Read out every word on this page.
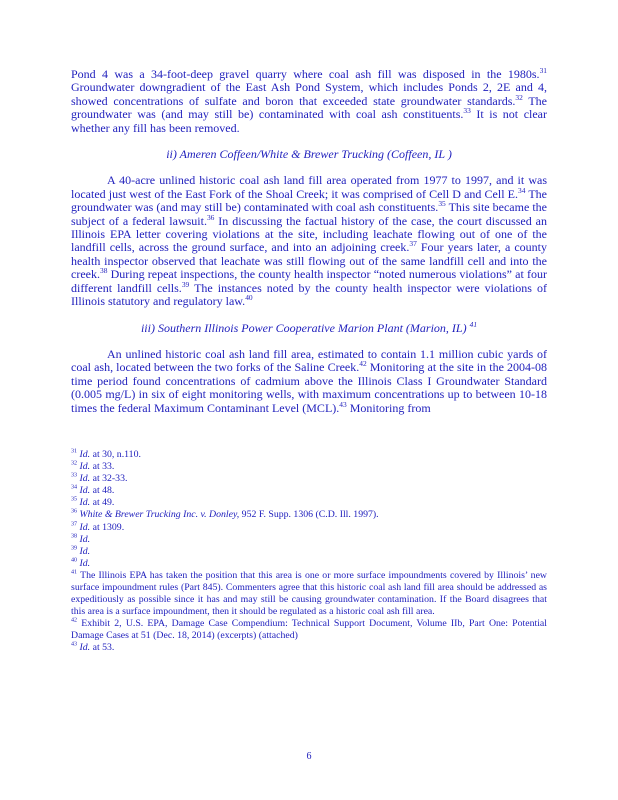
Pond 4 was a 34-foot-deep gravel quarry where coal ash fill was disposed in the 1980s.$^{31}$ Groundwater downgradient of the East Ash Pond System, which includes Ponds 2, 2E and 4, showed concentrations of sulfate and boron that exceeded state groundwater standards.$^{32}$ The groundwater was (and may still be) contaminated with coal ash constituents.$^{33}$ It is not clear whether any fill has been removed.

ii) Ameren Coffeen/White & Brewer Trucking (Coffeen, IL )

A 40-acre unlined historic coal ash land fill area operated from 1977 to 1997, and it was located just west of the East Fork of the Shoal Creek; it was comprised of Cell D and Cell E.$^{34}$ The groundwater was (and may still be) contaminated with coal ash constituents.$^{35}$ This site became the subject of a federal lawsuit.$^{36}$ In discussing the factual history of the case, the court discussed an Illinois EPA letter covering violations at the site, including leachate flowing out of one of the landfill cells, across the ground surface, and into an adjoining creek.$^{37}$ Four years later, a county health inspector observed that leachate was still flowing out of the same landfill cell and into the creek.$^{38}$ During repeat inspections, the county health inspector “noted numerous violations” at four different landfill cells.$^{39}$ The instances noted by the county health inspector were violations of Illinois statutory and regulatory law.$^{40}$

iii) Southern Illinois Power Cooperative Marion Plant (Marion, IL) $^{41}$

An unlined historic coal ash land fill area, estimated to contain 1.1 million cubic yards of coal ash, located between the two forks of the Saline Creek.$^{42}$ Monitoring at the site in the 2004-08 time period found concentrations of cadmium above the Illinois Class I Groundwater Standard (0.005 mg/L) in six of eight monitoring wells, with maximum concentrations up to between 10-18 times the federal Maximum Contaminant Level (MCL).$^{43}$ Monitoring from

$^{31}$ Id. at 30, n.110.
$^{32}$ Id. at 33.
$^{33}$ Id. at 32-33.
$^{34}$ Id. at 48.
$^{35}$ Id. at 49.
$^{36}$ White & Brewer Trucking Inc. v. Donley, 952 F. Supp. 1306 (C.D. Ill. 1997).
$^{37}$ Id. at 1309.
$^{38}$ Id.
$^{39}$ Id.
$^{40}$ Id.
$^{41}$ The Illinois EPA has taken the position that this area is one or more surface impoundments covered by Illinois’ new surface impoundment rules (Part 845). Commenters agree that this historic coal ash land fill area should be addressed as expeditiously as possible since it has and may still be causing groundwater contamination. If the Board disagrees that this area is a surface impoundment, then it should be regulated as a historic coal ash fill area.
$^{42}$ Exhibit 2, U.S. EPA, Damage Case Compendium: Technical Support Document, Volume IIb, Part One: Potential Damage Cases at 51 (Dec. 18, 2014) (excerpts) (attached)
$^{43}$ Id. at 53.
6
